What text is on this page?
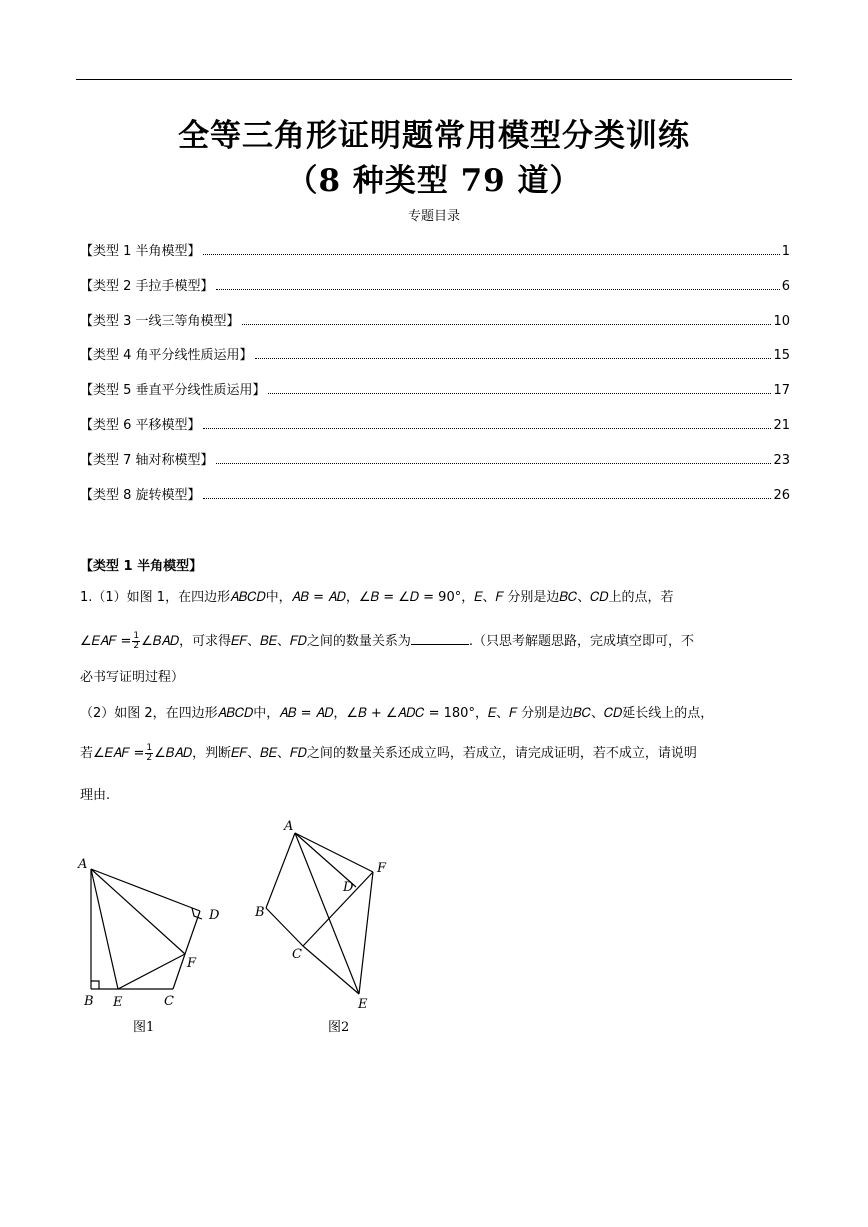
全等三角形证明题常用模型分类训练
（8 种类型 79 道）
专题目录
【类型 1 半角模型】	1
【类型 2 手拉手模型】	6
【类型 3 一线三等角模型】	10
【类型 4 角平分线性质运用】	15
【类型 5 垂直平分线性质运用】	17
【类型 6 平移模型】	21
【类型 7 轴对称模型】	23
【类型 8 旋转模型】	26
【类型 1 半角模型】
1.（1）如图 1，在四边形𝐴𝐵𝐶𝐷中，𝐴𝐵 = 𝐴𝐷，∠𝐵 = ∠𝐷 = 90°，𝐸、𝐹 分别是边𝐵𝐶、𝐶𝐷上的点，若
∠𝐸𝐴𝐹 = $\frac{1}{2}$ ∠𝐵𝐴𝐷，可求得𝐸𝐹、𝐵𝐸、𝐹𝐷之间的数量关系为	.（只思考解题思路，完成填空即可，不
必书写证明过程）
（2）如图 2，在四边形𝐴𝐵𝐶𝐷中，𝐴𝐵 = 𝐴𝐷，∠𝐵 + ∠𝐴𝐷𝐶 = 180°，𝐸、𝐹 分别是边𝐵𝐶、𝐶𝐷延长线上的点，
若∠𝐸𝐴𝐹 = $\frac{1}{2}$ ∠𝐵𝐴𝐷，判断𝐸𝐹、𝐵𝐸、𝐹𝐷之间的数量关系还成立吗，若成立，请完成证明，若不成立，请说明
理由.
A
B E	C
F
D
A
F
D
B
C
E
图1	图2
